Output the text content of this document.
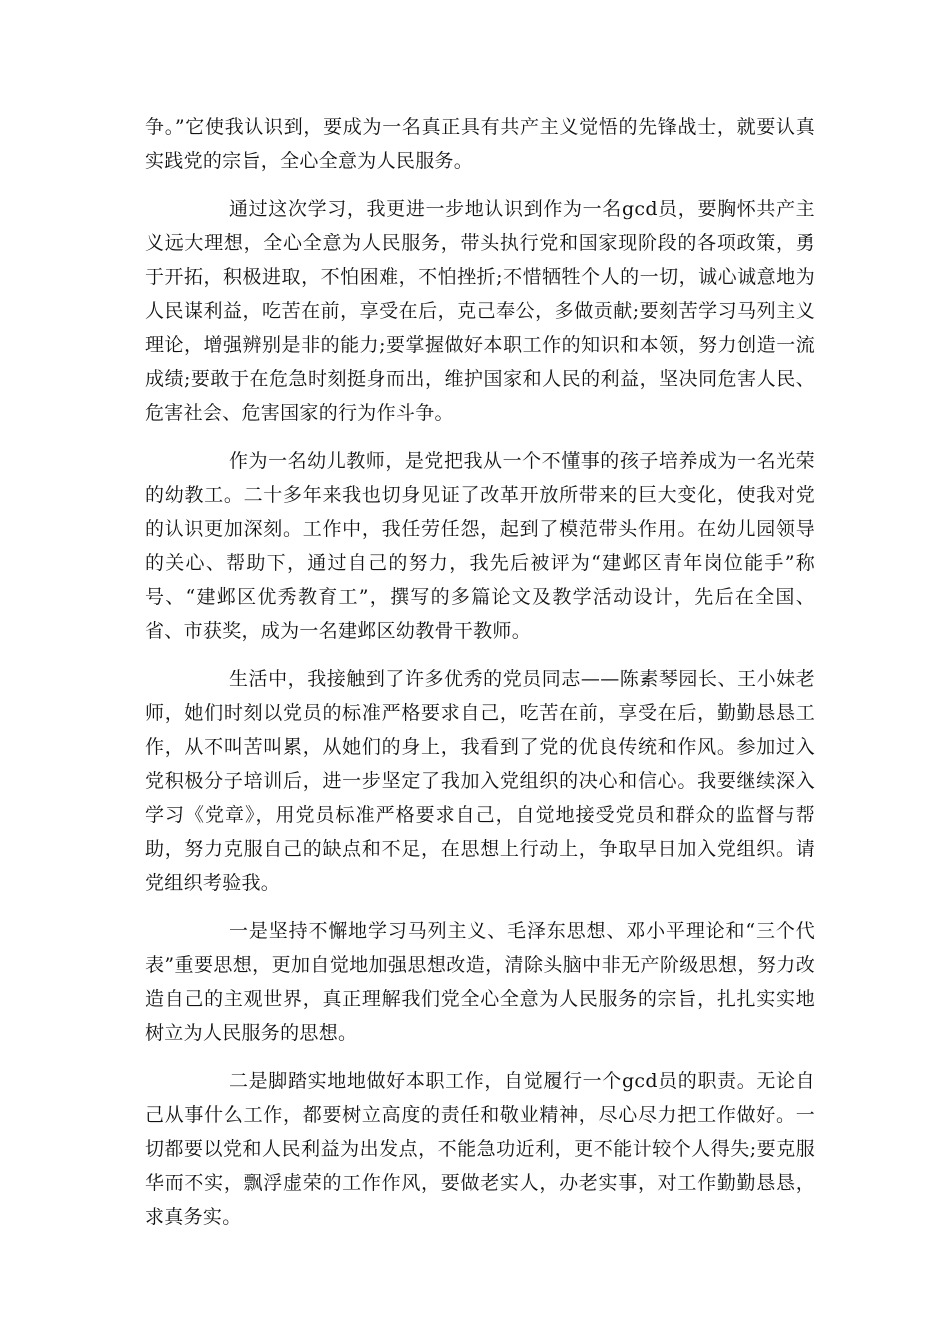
争。”它使我认识到，要成为一名真正具有共产主义觉悟的先锋战士，就要认真实践党的宗旨，全心全意为人民服务。

通过这次学习，我更进一步地认识到作为一名gcd员，要胸怀共产主义远大理想，全心全意为人民服务，带头执行党和国家现阶段的各项政策，勇于开拓，积极进取，不怕困难，不怕挫折;不惜牺牲个人的一切，诚心诚意地为人民谋利益，吃苦在前，享受在后，克己奉公，多做贡献;要刻苦学习马列主义理论，增强辨别是非的能力;要掌握做好本职工作的知识和本领，努力创造一流成绩;要敢于在危急时刻挺身而出，维护国家和人民的利益，坚决同危害人民、危害社会、危害国家的行为作斗争。

作为一名幼儿教师，是党把我从一个不懂事的孩子培养成为一名光荣的幼教工。二十多年来我也切身见证了改革开放所带来的巨大变化，使我对党的认识更加深刻。工作中，我任劳任怨，起到了模范带头作用。在幼儿园领导的关心、帮助下，通过自己的努力，我先后被评为“建邺区青年岗位能手”称号、“建邺区优秀教育工”，撰写的多篇论文及教学活动设计，先后在全国、省、市获奖，成为一名建邺区幼教骨干教师。

生活中，我接触到了许多优秀的党员同志——陈素琴园长、王小妹老师，她们时刻以党员的标准严格要求自己，吃苦在前，享受在后，勤勤恳恳工作，从不叫苦叫累，从她们的身上，我看到了党的优良传统和作风。参加过入党积极分子培训后，进一步坚定了我加入党组织的决心和信心。我要继续深入学习《党章》，用党员标准严格要求自己，自觉地接受党员和群众的监督与帮助，努力克服自己的缺点和不足，在思想上行动上，争取早日加入党组织。请党组织考验我。

一是坚持不懈地学习马列主义、毛泽东思想、邓小平理论和“三个代表”重要思想，更加自觉地加强思想改造，清除头脑中非无产阶级思想，努力改造自己的主观世界，真正理解我们党全心全意为人民服务的宗旨，扎扎实实地树立为人民服务的思想。

二是脚踏实地地做好本职工作，自觉履行一个gcd员的职责。无论自己从事什么工作，都要树立高度的责任和敬业精神，尽心尽力把工作做好。一切都要以党和人民利益为出发点，不能急功近利，更不能计较个人得失;要克服华而不实，飘浮虚荣的工作作风，要做老实人，办老实事，对工作勤勤恳恳，求真务实。
